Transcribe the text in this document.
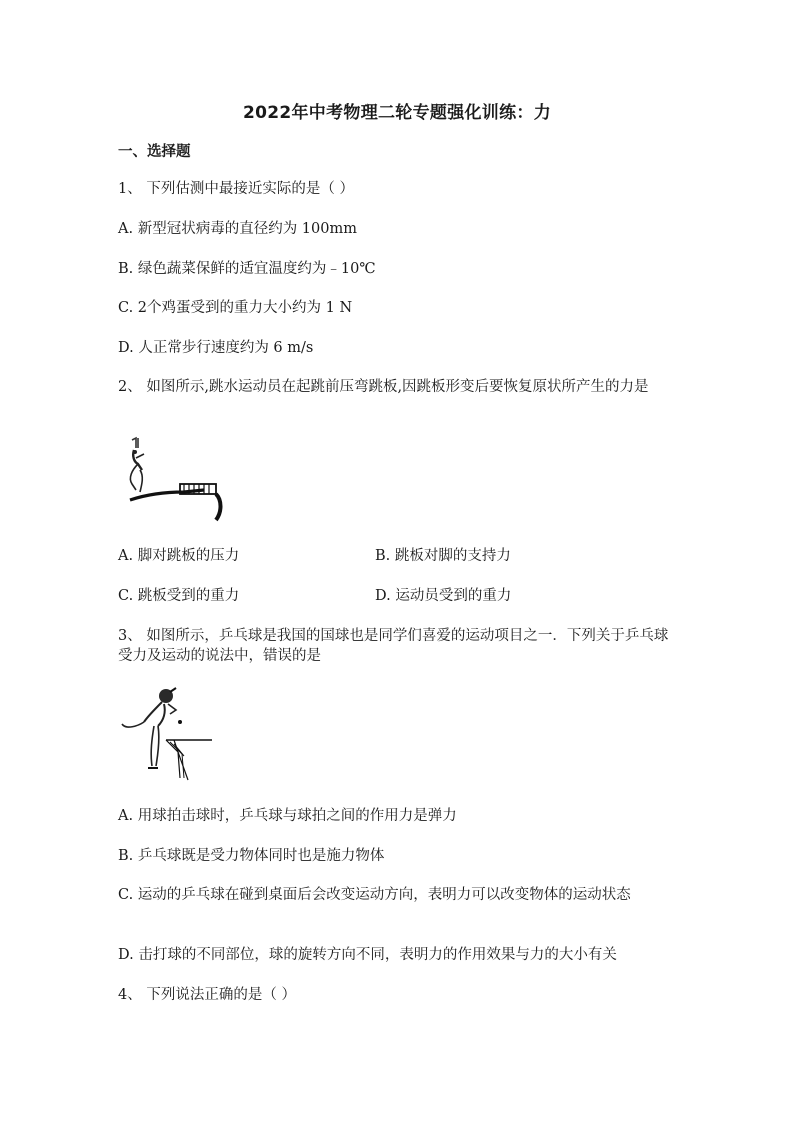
2022年中考物理二轮专题强化训练：力
一、选择题
1、 下列估测中最接近实际的是（ ）
A. 新型冠状病毒的直径约为 100mm
B. 绿色蔬菜保鲜的适宜温度约为﹣10℃
C. 2个鸡蛋受到的重力大小约为 1 N
D. 人正常步行速度约为 6 m/s
2、 如图所示,跳水运动员在起跳前压弯跳板,因跳板形变后要恢复原状所产生的力是
A. 脚对跳板的压力	B. 跳板对脚的支持力
C. 跳板受到的重力	D. 运动员受到的重力
3、 如图所示，乒乓球是我国的国球也是同学们喜爱的运动项目之一．下列关于乒乓球受力及运动的说法中，错误的是
A. 用球拍击球时，乒乓球与球拍之间的作用力是弹力
B. 乒乓球既是受力物体同时也是施力物体
C. 运动的乒乓球在碰到桌面后会改变运动方向，表明力可以改变物体的运动状态
D. 击打球的不同部位，球的旋转方向不同，表明力的作用效果与力的大小有关
4、 下列说法正确的是（ ）
